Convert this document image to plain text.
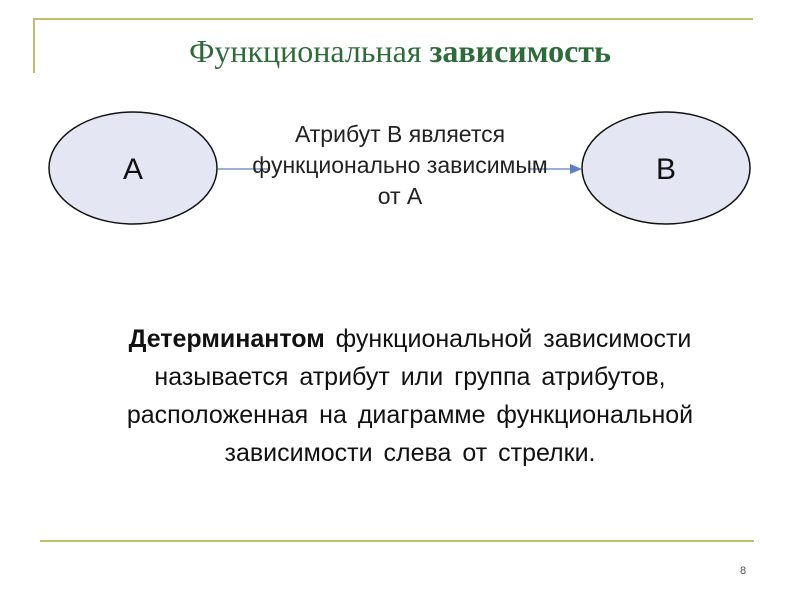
Функциональная зависимость
A	B
Атрибут B является функционально зависимым от А
Детерминантом функциональной зависимости называется атрибут или группа атрибутов, расположенная на диаграмме функциональной зависимости слева от стрелки.
8
